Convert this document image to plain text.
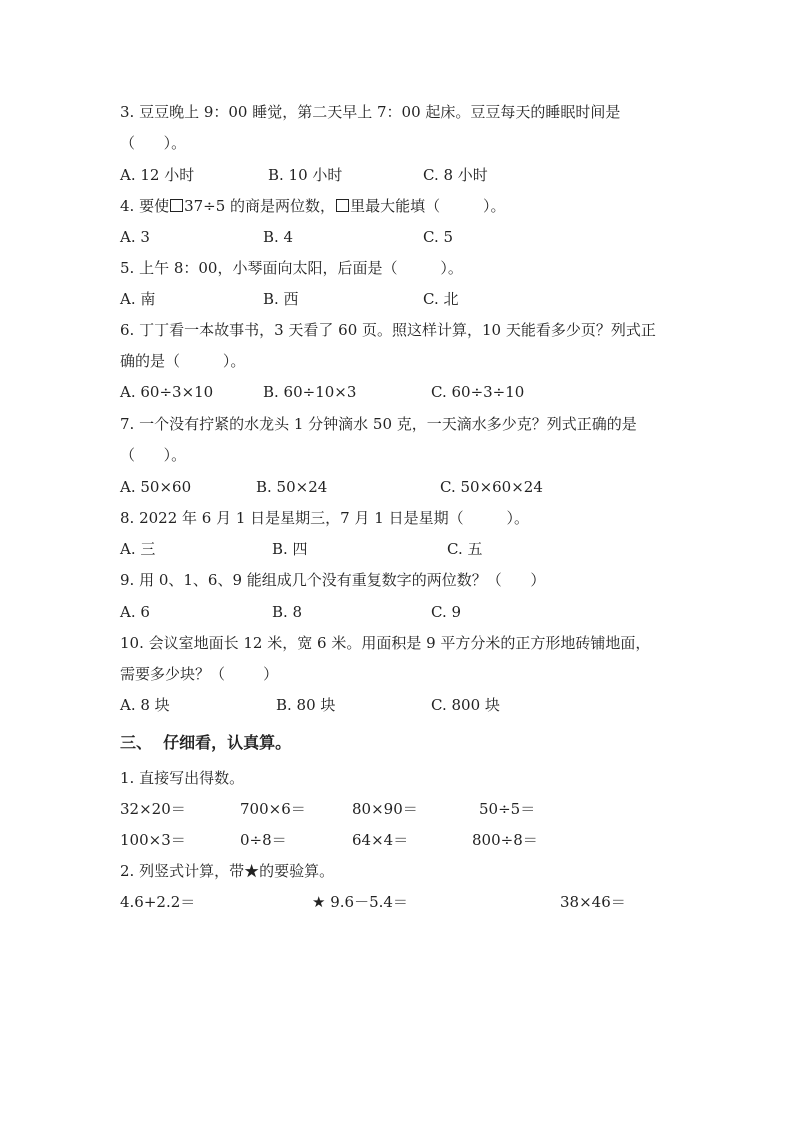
3. 豆豆晚上 9：00 睡觉，第二天早上 7：00 起床。豆豆每天的睡眠时间是
（      ）。
A. 12 小时	B. 10 小时	C. 8 小时
4. 要使 37÷5 的商是两位数， 里最大能填（         ）。
A. 3	B. 4	C. 5
5. 上午 8：00，小琴面向太阳，后面是（         ）。
A. 南	B. 西	C. 北
6. 丁丁看一本故事书，3 天看了 60 页。照这样计算，10 天能看多少页？列式正
确的是（         ）。
A. 60÷3×10	B. 60÷10×3	C. 60÷3÷10
7. 一个没有拧紧的水龙头 1 分钟滴水 50 克，一天滴水多少克？列式正确的是
（      ）。
A. 50×60	B. 50×24	C. 50×60×24
8. 2022 年 6 月 1 日是星期三，7 月 1 日是星期（         ）。
A. 三	B. 四	C. 五
9. 用 0、1、6、9 能组成几个没有重复数字的两位数？（      ）
A. 6	B. 8	C. 9
10. 会议室地面长 12 米，宽 6 米。用面积是 9 平方分米的正方形地砖铺地面，
需要多少块？（        ）
A. 8 块	B. 80 块	C. 800 块
三、  仔细看，认真算。
1. 直接写出得数。
32×20＝	700×6＝	80×90＝	50÷5＝
100×3＝	0÷8＝	64×4＝	800÷8＝
2. 列竖式计算，带★的要验算。
4.6+2.2＝	★ 9.6－5.4＝	38×46＝
